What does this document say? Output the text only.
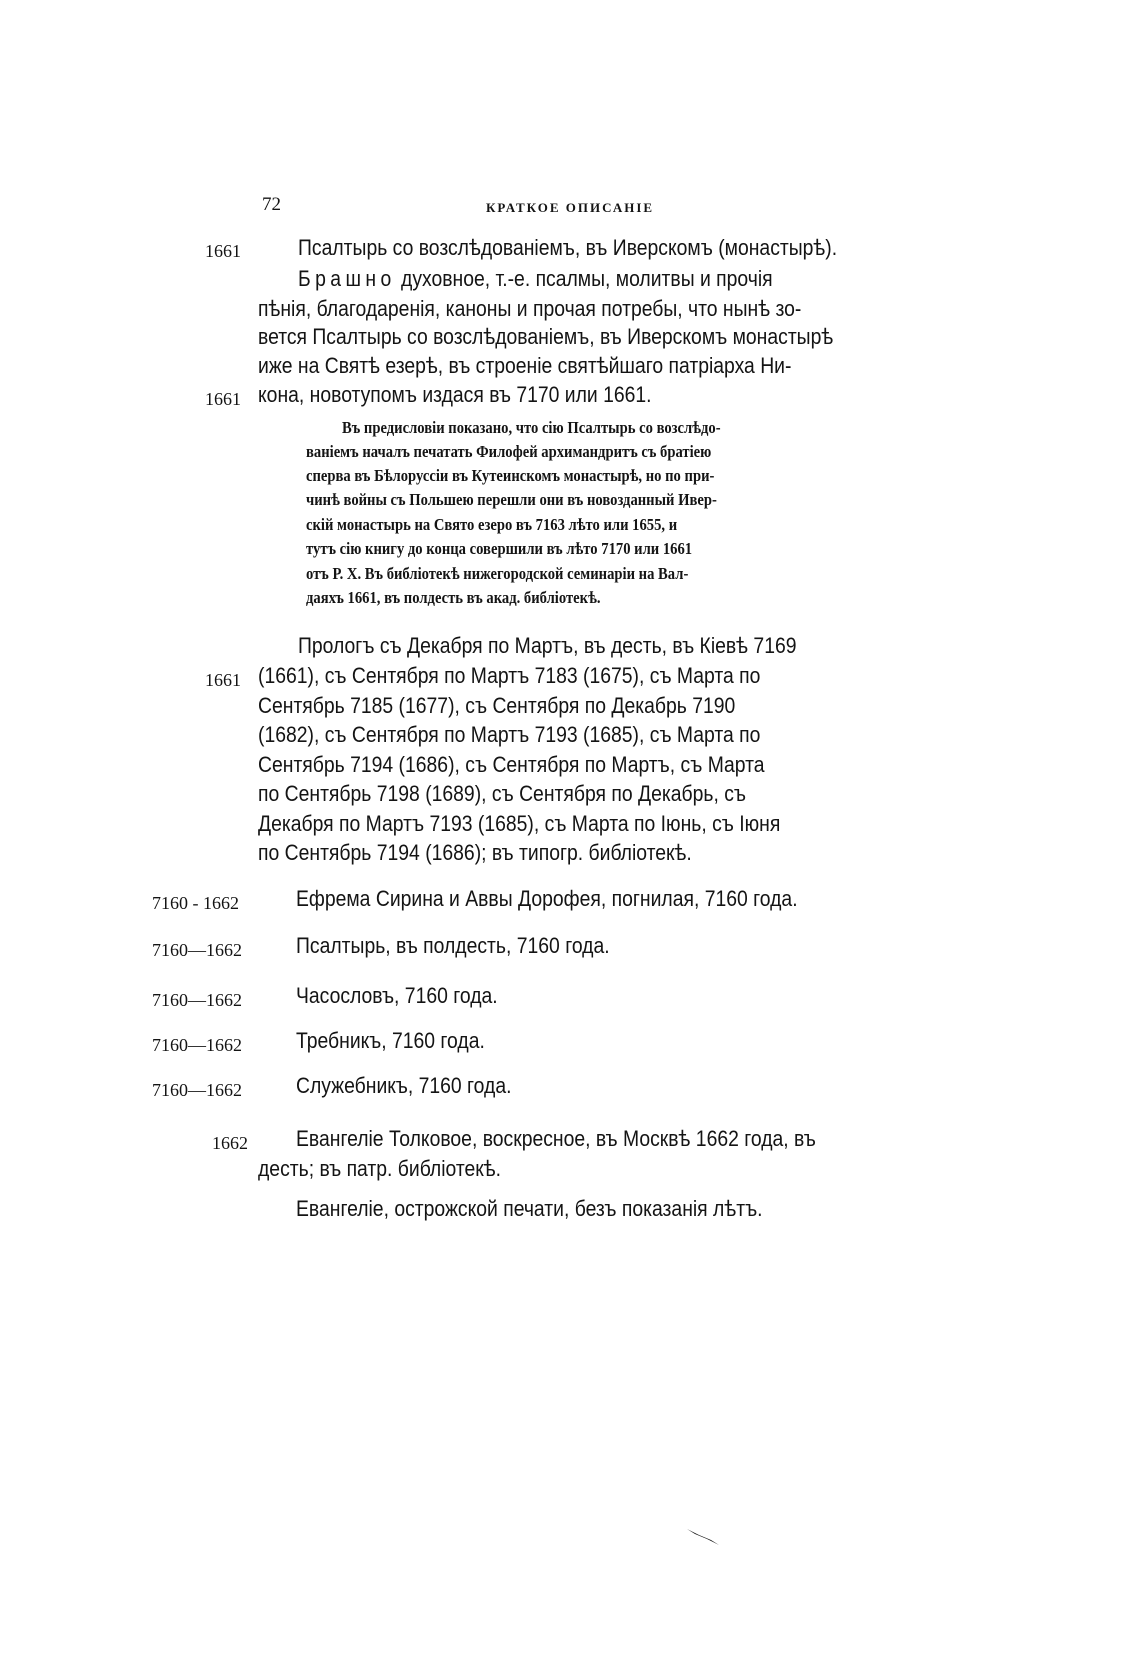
72	КРАТКОЕ ОПИСАНІЕ
1661	Псалтырь со возслѣдованіемъ, въ Иверскомъ (монастырѣ).
Брашно духовное, т.-е. псалмы, молитвы и прочія
пѣнія, благодаренія, каноны и прочая потребы, что нынѣ зо-
вется Псалтырь со возслѣдованіемъ, въ Иверскомъ монастырѣ
иже на Святѣ езерѣ, въ строеніе святѣйшаго патріарха Ни-
1661 кона, новотупомъ издася въ 7170 или 1661.
Въ предисловіи показано, что сію Псалтырь со возслѣдо-
ваніемъ началъ печатать Филофей архимандритъ съ братіею
сперва въ Бѣлоруссіи въ Кутеинскомъ монастырѣ, но по при-
чинѣ войны съ Польшею перешли они въ новозданный Ивер-
скій монастырь на Свято езеро въ 7163 лѣто или 1655, и
тутъ сію книгу до конца совершили въ лѣто 7170 или 1661
отъ Р. Х. Въ библіотекѣ нижегородской семинаріи на Вал-
даяхъ 1661, въ полдесть въ акад. библіотекѣ.
Прологъ съ Декабря по Мартъ, въ десть, въ Кіевѣ 7169
1661 (1661), съ Сентября по Мартъ 7183 (1675), съ Марта по
Сентябрь 7185 (1677), съ Сентября по Декабрь 7190
(1682), съ Сентября по Мартъ 7193 (1685), съ Марта по
Сентябрь 7194 (1686), съ Сентября по Мартъ, съ Марта
по Сентябрь 7198 (1689), съ Сентября по Декабрь, съ
Декабря по Мартъ 7193 (1685), съ Марта по Іюнь, съ Іюня
по Сентябрь 7194 (1686); въ типогр. библіотекѣ.
7160 - 1662	Ефрема Сирина и Аввы Дорофея, погнилая, 7160 года.
7160—1662 Псалтырь, въ полдесть, 7160 года.
7160—1662 Часословъ, 7160 года.
7160—1662 Требникъ, 7160 года.
7160—1662 Служебникъ, 7160 года.
1662 Евангеліе Толковое, воскресное, въ Москвѣ 1662 года, въ
десть; въ патр. библіотекѣ.
Евангеліе, острожской печати, безъ показанія лѣтъ.
